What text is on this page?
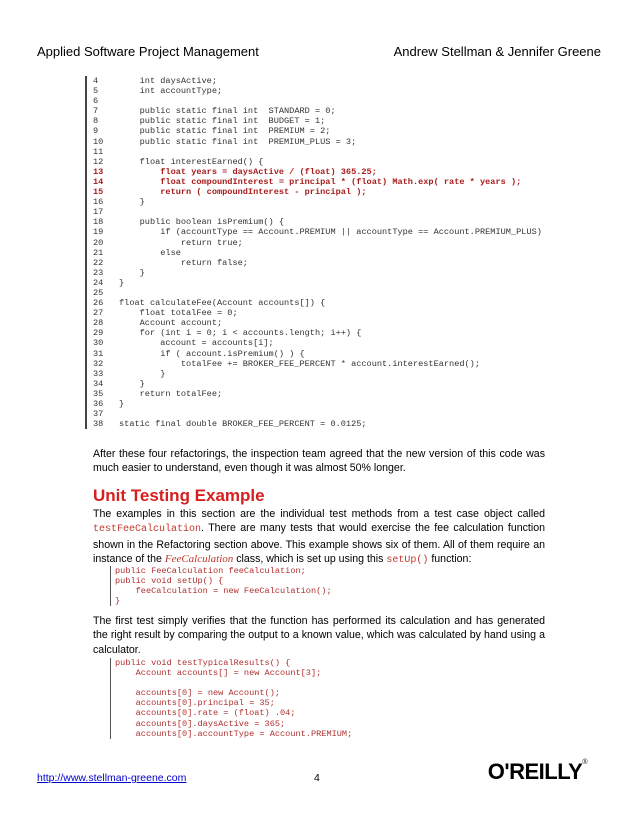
Applied Software Project Management	Andrew Stellman & Jennifer Greene
4    int daysActive;
5    int accountType;
6
7    public static final int  STANDARD = 0;
8    public static final int  BUDGET = 1;
9    public static final int  PREMIUM = 2;
10    public static final int  PREMIUM_PLUS = 3;
11
12    float interestEarned() {
13        float years = daysActive / (float) 365.25;
14        float compoundInterest = principal * (float) Math.exp( rate * years );
15        return ( compoundInterest - principal );
16    }
17
18    public boolean isPremium() {
19        if (accountType == Account.PREMIUM || accountType == Account.PREMIUM_PLUS)
20            return true;
21        else
22            return false;
23    }
24 }
25
26 float calculateFee(Account accounts[]) {
27    float totalFee = 0;
28    Account account;
29    for (int i = 0; i < accounts.length; i++) {
30        account = accounts[i];
31        if ( account.isPremium() ) {
32            totalFee += BROKER_FEE_PERCENT * account.interestEarned();
33        }
34    }
35    return totalFee;
36 }
37
38 static final double BROKER_FEE_PERCENT = 0.0125;
After these four refactorings, the inspection team agreed that the new version of this code was much easier to understand, even though it was almost 50% longer.
Unit Testing Example
The examples in this section are the individual test methods from a test case object called testFeeCalculation. There are many tests that would exercise the fee calculation function shown in the Refactoring section above. This example shows six of them. All of them require an instance of the FeeCalculation class, which is set up using this setUp() function:
public FeeCalculation feeCalculation;
public void setUp() {
feeCalculation = new FeeCalculation();
}
The first test simply verifies that the function has performed its calculation and has generated the right result by comparing the output to a known value, which was calculated by hand using a calculator.
public void testTypicalResults() {
Account accounts[] = new Account[3];
accounts[0] = new Account();
accounts[0].principal = 35;
accounts[0].rate = (float) .04;
accounts[0].daysActive = 365;
accounts[0].accountType = Account.PREMIUM;
http://www.stellman-greene.com	4	O'REILLY®
